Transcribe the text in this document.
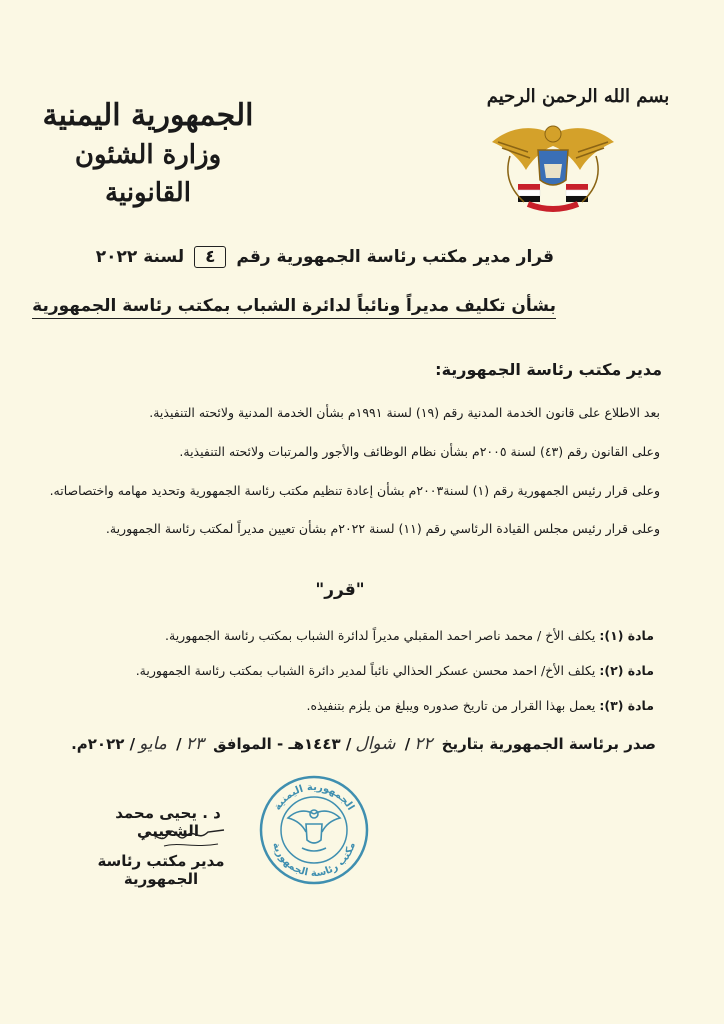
الجمهورية اليمنية
وزارة الشئون القانونية
بسم الله الرحمن الرحيم
قرار مدير مكتب رئاسة الجمهورية رقم ٤ لسنة ٢٠٢٢
بشأن تكليف مديراً ونائباً لدائرة الشباب بمكتب رئاسة الجمهورية
مدير مكتب رئاسة الجمهورية:
بعد الاطلاع على قانون الخدمة المدنية رقم (١٩) لسنة ١٩٩١م بشأن الخدمة المدنية ولائحته التنفيذية.
وعلى القانون رقم (٤٣) لسنة ٢٠٠٥م بشأن نظام الوظائف والأجور والمرتبات ولائحته التنفيذية.
وعلى قرار رئيس الجمهورية رقم (١) لسنة٢٠٠٣م بشأن إعادة تنظيم مكتب رئاسة الجمهورية وتحديد مهامه واختصاصاته.
وعلى قرار رئيس مجلس القيادة الرئاسي رقم (١١) لسنة ٢٠٢٢م بشأن تعيين مديراً لمكتب رئاسة الجمهورية.
"قرر"
مادة (١): يكلف الأخ / محمد ناصر احمد المقبلي مديراً لدائرة الشباب بمكتب رئاسة الجمهورية.
مادة (٢): يكلف الأخ/ احمد محسن عسكر الحذالي نائباً لمدير دائرة الشباب بمكتب رئاسة الجمهورية.
مادة (٣): يعمل بهذا القرار من تاريخ صدوره ويبلغ من يلزم بتنفيذه.
صدر برئاسة الجمهورية بتاريخ ٢٢/ شوال/ ١٤٤٣هـ - الموافق ٢٣/ مايو/ ٢٠٢٢م.
الجمهورية اليمنية
مكتب رئاسة الجمهورية
د . يحيى محمد الشعيبي
مدير مكتب رئاسة الجمهورية
